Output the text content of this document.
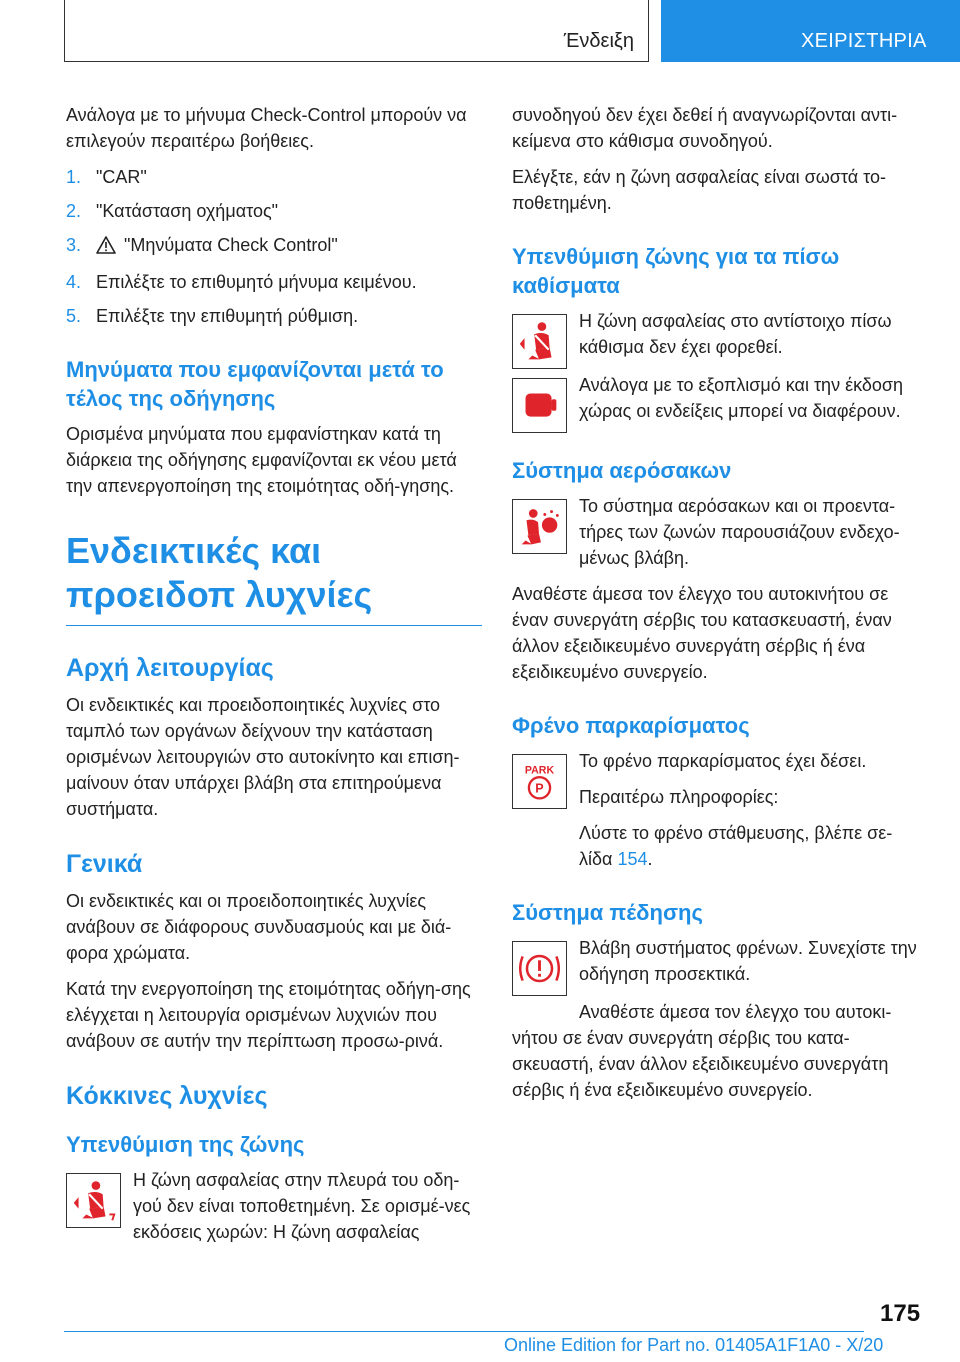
Ένδειξη	ΧΕΙΡΙΣΤΗΡΙΑ

Ανάλογα με το μήνυμα Check-Control μπορούν να επιλεγούν περαιτέρω βοήθειες.

1. "CAR"
2. "Κατάσταση οχήματος"
3. "Μηνύματα Check Control"
4. Επιλέξτε το επιθυμητό μήνυμα κειμένου.
5. Επιλέξτε την επιθυμητή ρύθμιση.
Μηνύματα που εμφανίζονται μετά το τέλος της οδήγησης

Ορισμένα μηνύματα που εμφανίστηκαν κατά τη διάρκεια της οδήγησης εμφανίζονται εκ νέου μετά την απενεργοποίηση της ετοιμότητας οδή-γησης.

Ενδεικτικές και προειδοπ λυχνίες
Αρχή λειτουργίας

Οι ενδεικτικές και προειδοποιητικές λυχνίες στο ταμπλό των οργάνων δείχνουν την κατάσταση ορισμένων λειτουργιών στο αυτοκίνητο και επιση-μαίνουν όταν υπάρχει βλάβη στα επιτηρούμενα συστήματα.

Γενικά

Οι ενδεικτικές και οι προειδοποιητικές λυχνίες ανάβουν σε διάφορους συνδυασμούς και με διά-φορα χρώματα.

Κατά την ενεργοποίηση της ετοιμότητας οδήγη-σης ελέγχεται η λειτουργία ορισμένων λυχνιών που ανάβουν σε αυτήν την περίπτωση προσω-ρινά.

Κόκκινες λυχνίες
Υπενθύμιση της ζώνης

Η ζώνη ασφαλείας στην πλευρά του οδη-γού δεν είναι τοποθετημένη. Σε ορισμέ-νες εκδόσεις χωρών: Η ζώνη ασφαλείας

συνοδηγού δεν έχει δεθεί ή αναγνωρίζονται αντι-κείμενα στο κάθισμα συνοδηγού.

Ελέγξτε, εάν η ζώνη ασφαλείας είναι σωστά το-ποθετημένη.

Υπενθύμιση ζώνης για τα πίσω καθίσματα

Η ζώνη ασφαλείας στο αντίστοιχο πίσω κάθισμα δεν έχει φορεθεί.

Ανάλογα με το εξοπλισμό και την έκδοση χώρας οι ενδείξεις μπορεί να διαφέρουν.

Σύστημα αερόσακων

Το σύστημα αερόσακων και οι προεντα-τήρες των ζωνών παρουσιάζουν ενδεχο-μένως βλάβη.

Αναθέστε άμεσα τον έλεγχο του αυτοκινήτου σε έναν συνεργάτη σέρβις του κατασκευαστή, έναν άλλον εξειδικευμένο συνεργάτη σέρβις ή ένα εξειδικευμένο συνεργείο.

Φρένο παρκαρίσματος
PARK
P

Το φρένο παρκαρίσματος έχει δέσει.

Περαιτέρω πληροφορίες:

Λύστε το φρένο στάθμευσης, βλέπε σε-λίδα 154.

Σύστημα πέδησης

Βλάβη συστήματος φρένων. Συνεχίστε την οδήγηση προσεκτικά.

Αναθέστε άμεσα τον έλεγχο του αυτοκι-νήτου σε έναν συνεργάτη σέρβις του κατα-σκευαστή, έναν άλλον εξειδικευμένο συνεργάτη σέρβις ή ένα εξειδικευμένο συνεργείο.

175
Online Edition for Part no. 01405A1F1A0 - X/20
